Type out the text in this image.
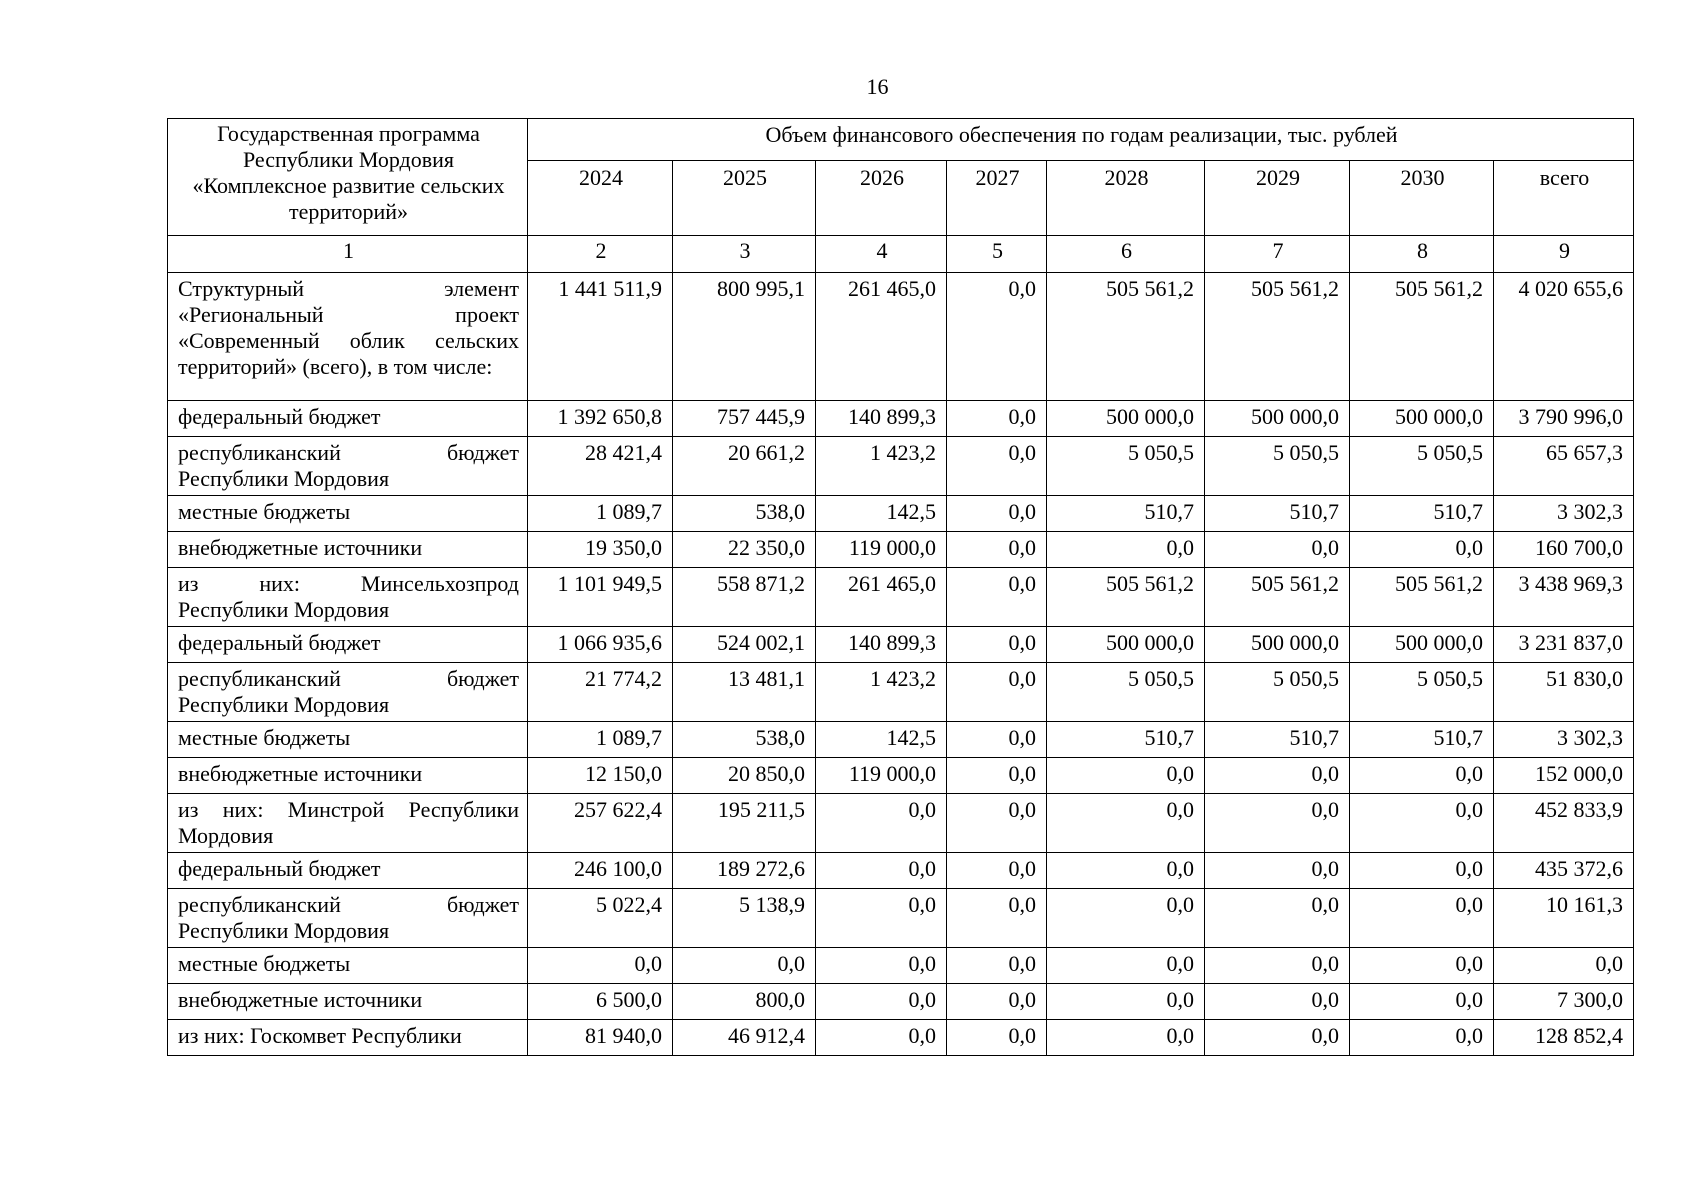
16
Государственная программа Республики Мордовия «Комплексное развитие сельских территорий»	Объем финансового обеспечения по годам реализации, тыс. рублей							
	2024	2025	2026	2027	2028	2029	2030	всего
1	2	3	4	5	6	7	8	9
Структурный элемент «Региональный проект «Современный облик сельских территорий» (всего), в том числе:	1 441 511,9	800 995,1	261 465,0	0,0	505 561,2	505 561,2	505 561,2	4 020 655,6
федеральный бюджет	1 392 650,8	757 445,9	140 899,3	0,0	500 000,0	500 000,0	500 000,0	3 790 996,0
республиканский бюджет Республики Мордовия	28 421,4	20 661,2	1 423,2	0,0	5 050,5	5 050,5	5 050,5	65 657,3
местные бюджеты	1 089,7	538,0	142,5	0,0	510,7	510,7	510,7	3 302,3
внебюджетные источники	19 350,0	22 350,0	119 000,0	0,0	0,0	0,0	0,0	160 700,0
из них: Минсельхозпрод Республики Мордовия	1 101 949,5	558 871,2	261 465,0	0,0	505 561,2	505 561,2	505 561,2	3 438 969,3
федеральный бюджет	1 066 935,6	524 002,1	140 899,3	0,0	500 000,0	500 000,0	500 000,0	3 231 837,0
республиканский бюджет Республики Мордовия	21 774,2	13 481,1	1 423,2	0,0	5 050,5	5 050,5	5 050,5	51 830,0
местные бюджеты	1 089,7	538,0	142,5	0,0	510,7	510,7	510,7	3 302,3
внебюджетные источники	12 150,0	20 850,0	119 000,0	0,0	0,0	0,0	0,0	152 000,0
из них: Минстрой Республики Мордовия	257 622,4	195 211,5	0,0	0,0	0,0	0,0	0,0	452 833,9
федеральный бюджет	246 100,0	189 272,6	0,0	0,0	0,0	0,0	0,0	435 372,6
республиканский бюджет Республики Мордовия	5 022,4	5 138,9	0,0	0,0	0,0	0,0	0,0	10 161,3
местные бюджеты	0,0	0,0	0,0	0,0	0,0	0,0	0,0	0,0
внебюджетные источники	6 500,0	800,0	0,0	0,0	0,0	0,0	0,0	7 300,0
из них: Госкомвет Республики	81 940,0	46 912,4	0,0	0,0	0,0	0,0	0,0	128 852,4
